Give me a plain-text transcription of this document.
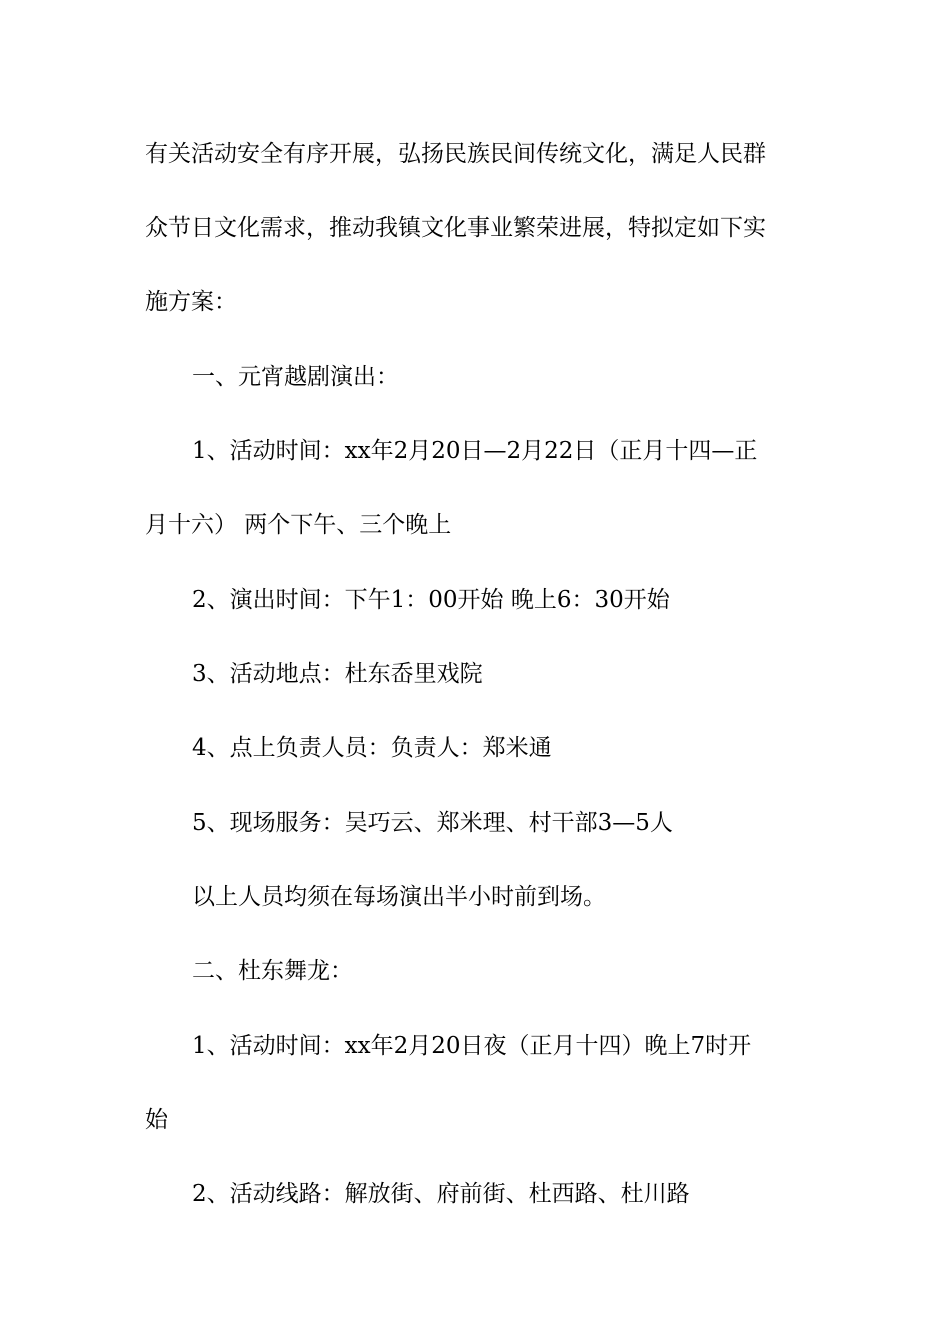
有关活动安全有序开展，弘扬民族民间传统文化，满足人民群
众节日文化需求，推动我镇文化事业繁荣进展，特拟定如下实
施方案：
一、元宵越剧演出：
1、活动时间：xx年2月20日—2月22日（正月十四—正
月十六） 两个下午、三个晚上
2、演出时间：下午1：00开始 晚上6：30开始
3、活动地点：杜东岙里戏院
4、点上负责人员：负责人：郑米通
5、现场服务：吴巧云、郑米理、村干部3—5人
以上人员均须在每场演出半小时前到场。
二、杜东舞龙：
1、活动时间：xx年2月20日夜（正月十四）晚上7时开
始
2、活动线路：解放街、府前街、杜西路、杜川路
